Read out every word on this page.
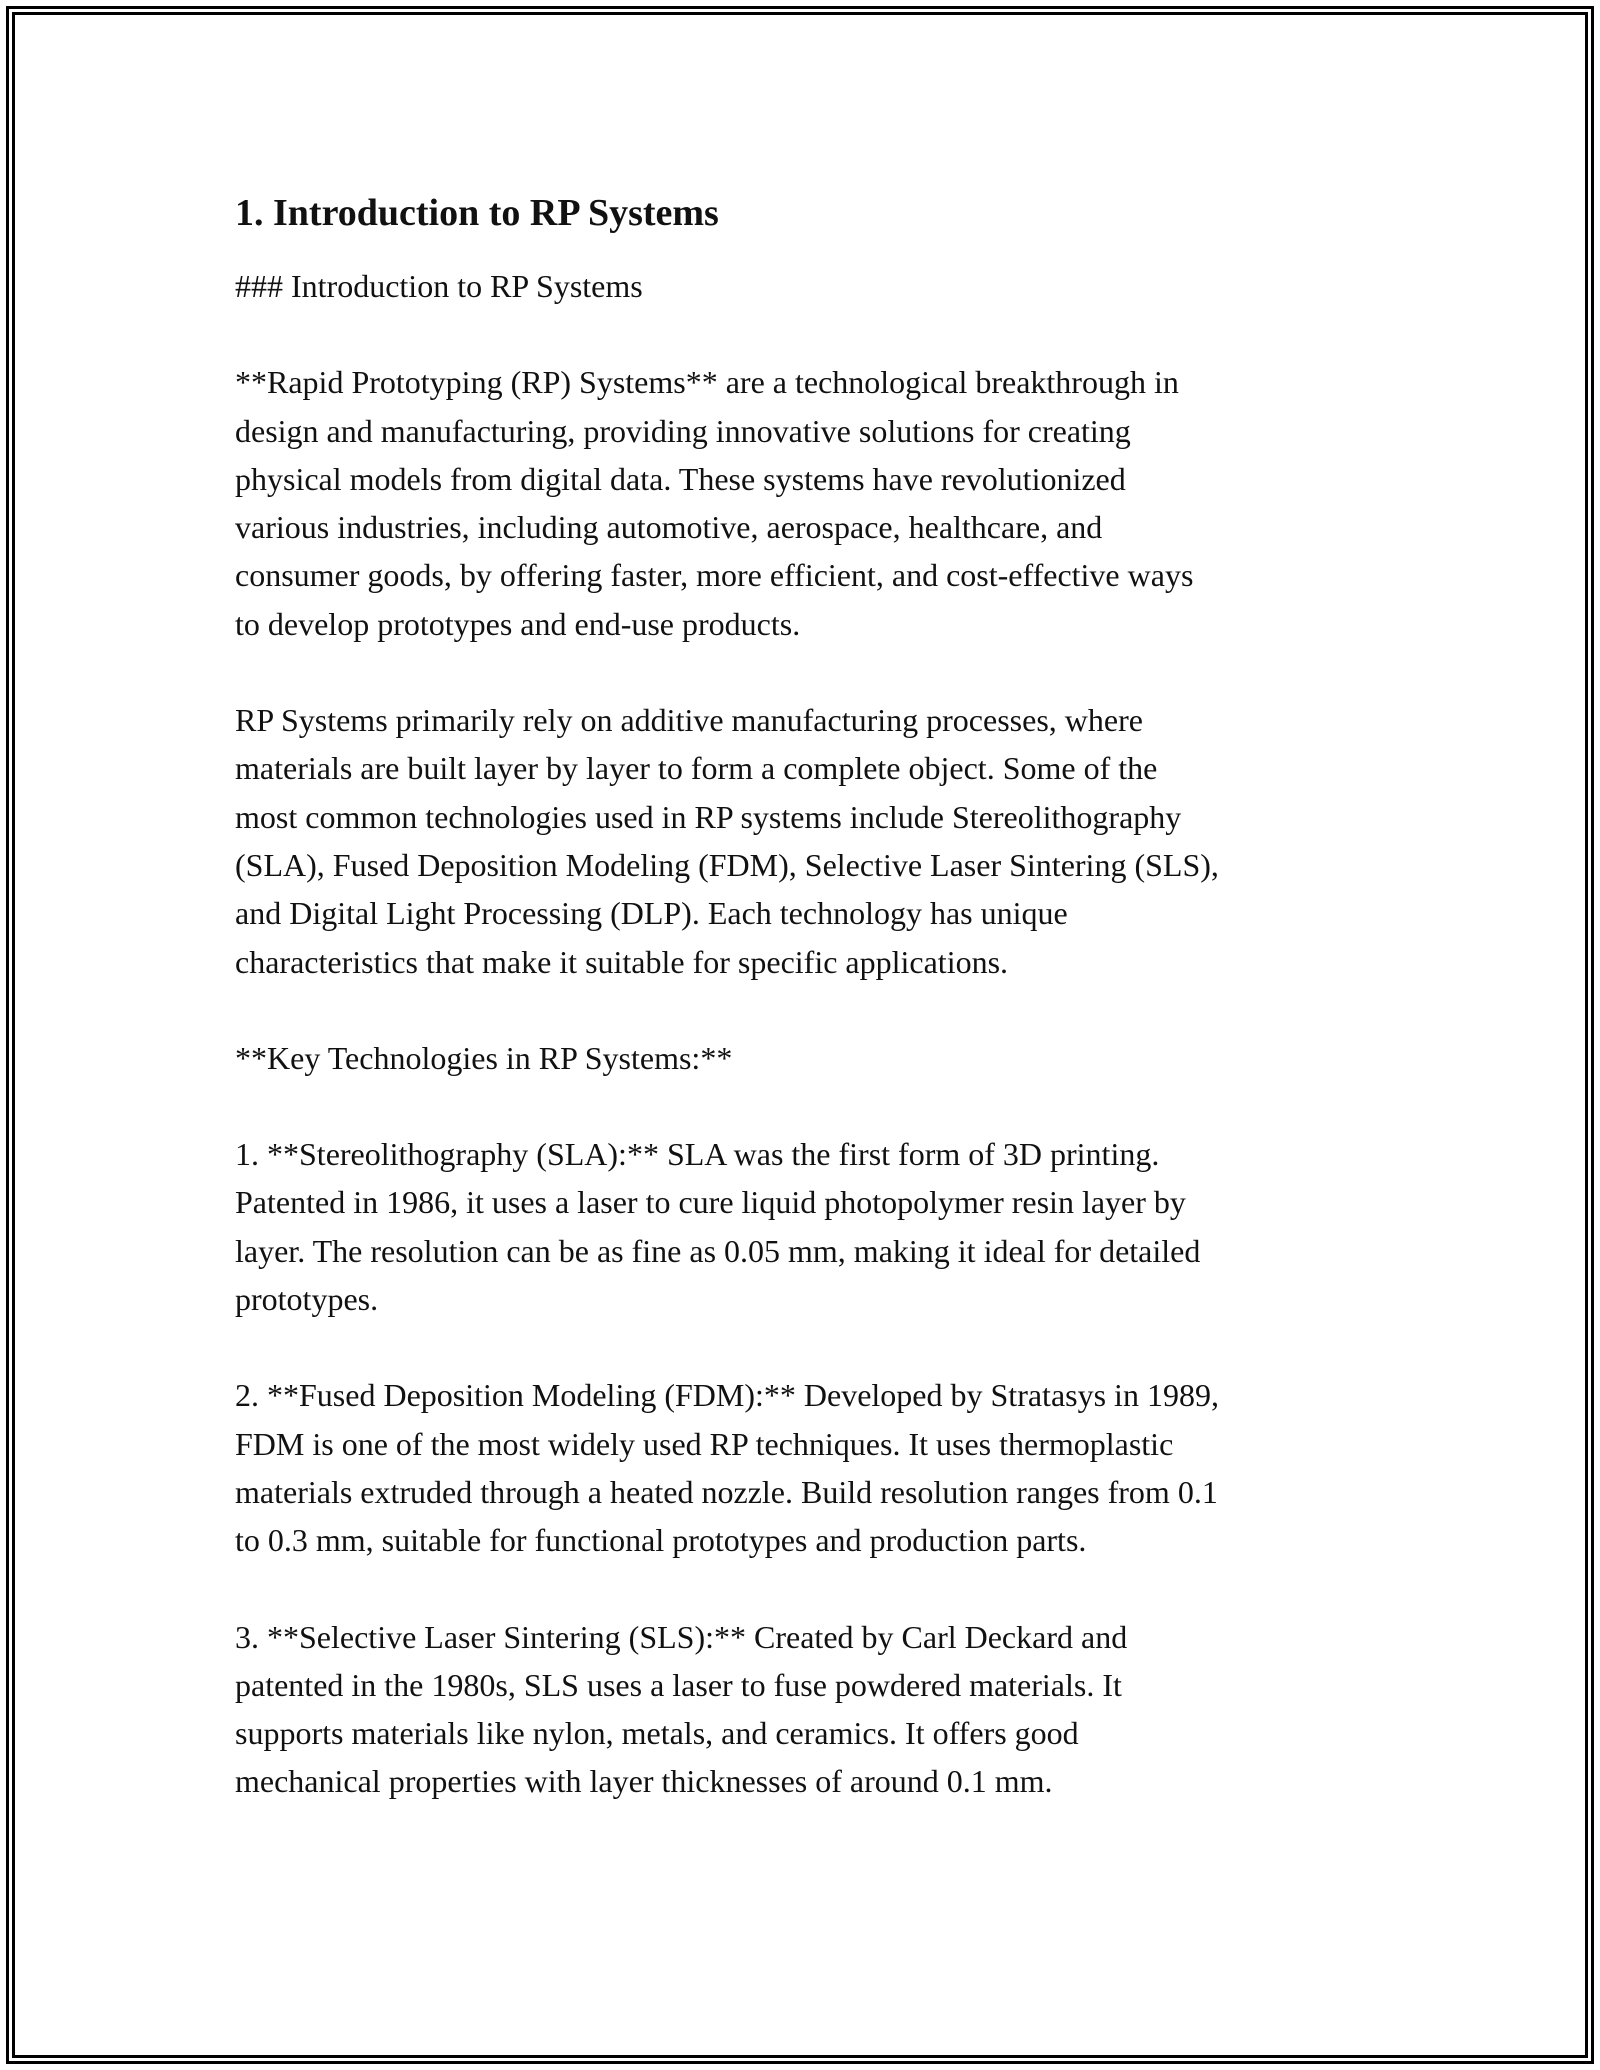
1. Introduction to RP Systems

### Introduction to RP Systems

**Rapid Prototyping (RP) Systems** are a technological breakthrough in
design and manufacturing, providing innovative solutions for creating
physical models from digital data. These systems have revolutionized
various industries, including automotive, aerospace, healthcare, and
consumer goods, by offering faster, more efficient, and cost-effective ways
to develop prototypes and end-use products.

RP Systems primarily rely on additive manufacturing processes, where
materials are built layer by layer to form a complete object. Some of the
most common technologies used in RP systems include Stereolithography
(SLA), Fused Deposition Modeling (FDM), Selective Laser Sintering (SLS),
and Digital Light Processing (DLP). Each technology has unique
characteristics that make it suitable for specific applications.

**Key Technologies in RP Systems:**

1. **Stereolithography (SLA):** SLA was the first form of 3D printing.
Patented in 1986, it uses a laser to cure liquid photopolymer resin layer by
layer. The resolution can be as fine as 0.05 mm, making it ideal for detailed
prototypes.

2. **Fused Deposition Modeling (FDM):** Developed by Stratasys in 1989,
FDM is one of the most widely used RP techniques. It uses thermoplastic
materials extruded through a heated nozzle. Build resolution ranges from 0.1
to 0.3 mm, suitable for functional prototypes and production parts.

3. **Selective Laser Sintering (SLS):** Created by Carl Deckard and
patented in the 1980s, SLS uses a laser to fuse powdered materials. It
supports materials like nylon, metals, and ceramics. It offers good
mechanical properties with layer thicknesses of around 0.1 mm.
